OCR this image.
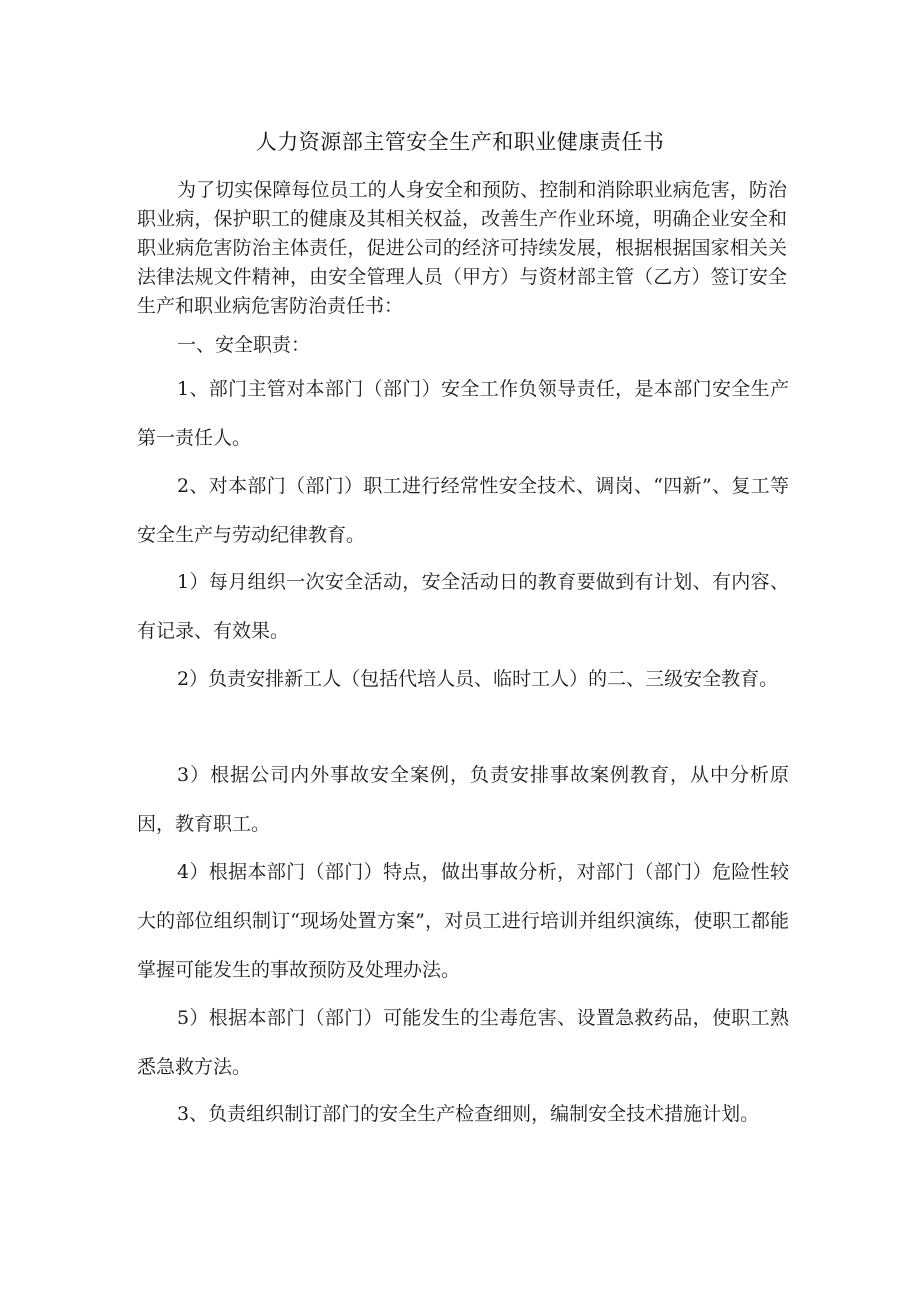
人力资源部主管安全生产和职业健康责任书

为了切实保障每位员工的人身安全和预防、控制和消除职业病危害，防治职业病，保护职工的健康及其相关权益，改善生产作业环境，明确企业安全和职业病危害防治主体责任，促进公司的经济可持续发展，根据根据国家相关关法律法规文件精神，由安全管理人员（甲方）与资材部主管（乙方）签订安全生产和职业病危害防治责任书：

一、安全职责：

1、部门主管对本部门（部门）安全工作负领导责任，是本部门安全生产第一责任人。

2、对本部门（部门）职工进行经常性安全技术、调岗、“四新”、复工等安全生产与劳动纪律教育。

1）每月组织一次安全活动，安全活动日的教育要做到有计划、有内容、有记录、有效果。

2）负责安排新工人（包括代培人员、临时工人）的二、三级安全教育。

3）根据公司内外事故安全案例，负责安排事故案例教育，从中分析原因，教育职工。

4）根据本部门（部门）特点，做出事故分析，对部门（部门）危险性较大的部位组织制订“现场处置方案”，对员工进行培训并组织演练，使职工都能掌握可能发生的事故预防及处理办法。

5）根据本部门（部门）可能发生的尘毒危害、设置急救药品，使职工熟悉急救方法。

3、负责组织制订部门的安全生产检查细则，编制安全技术措施计划。
